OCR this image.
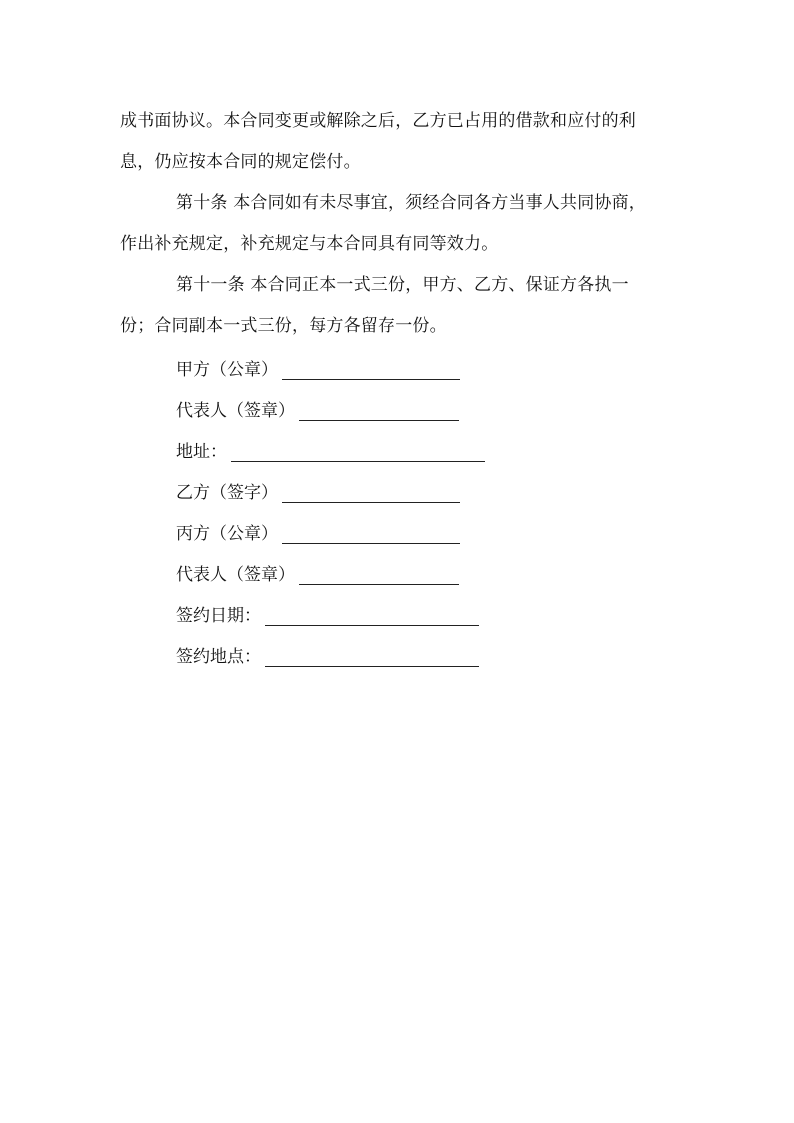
成书面协议。本合同变更或解除之后，乙方已占用的借款和应付的利
息，仍应按本合同的规定偿付。
第十条 本合同如有未尽事宜，须经合同各方当事人共同协商，
作出补充规定，补充规定与本合同具有同等效力。
第十一条 本合同正本一式三份，甲方、乙方、保证方各执一
份；合同副本一式三份，每方各留存一份。
甲方（公章）
代表人（签章）
地址：
乙方（签字）
丙方（公章）
代表人（签章）
签约日期：
签约地点：
